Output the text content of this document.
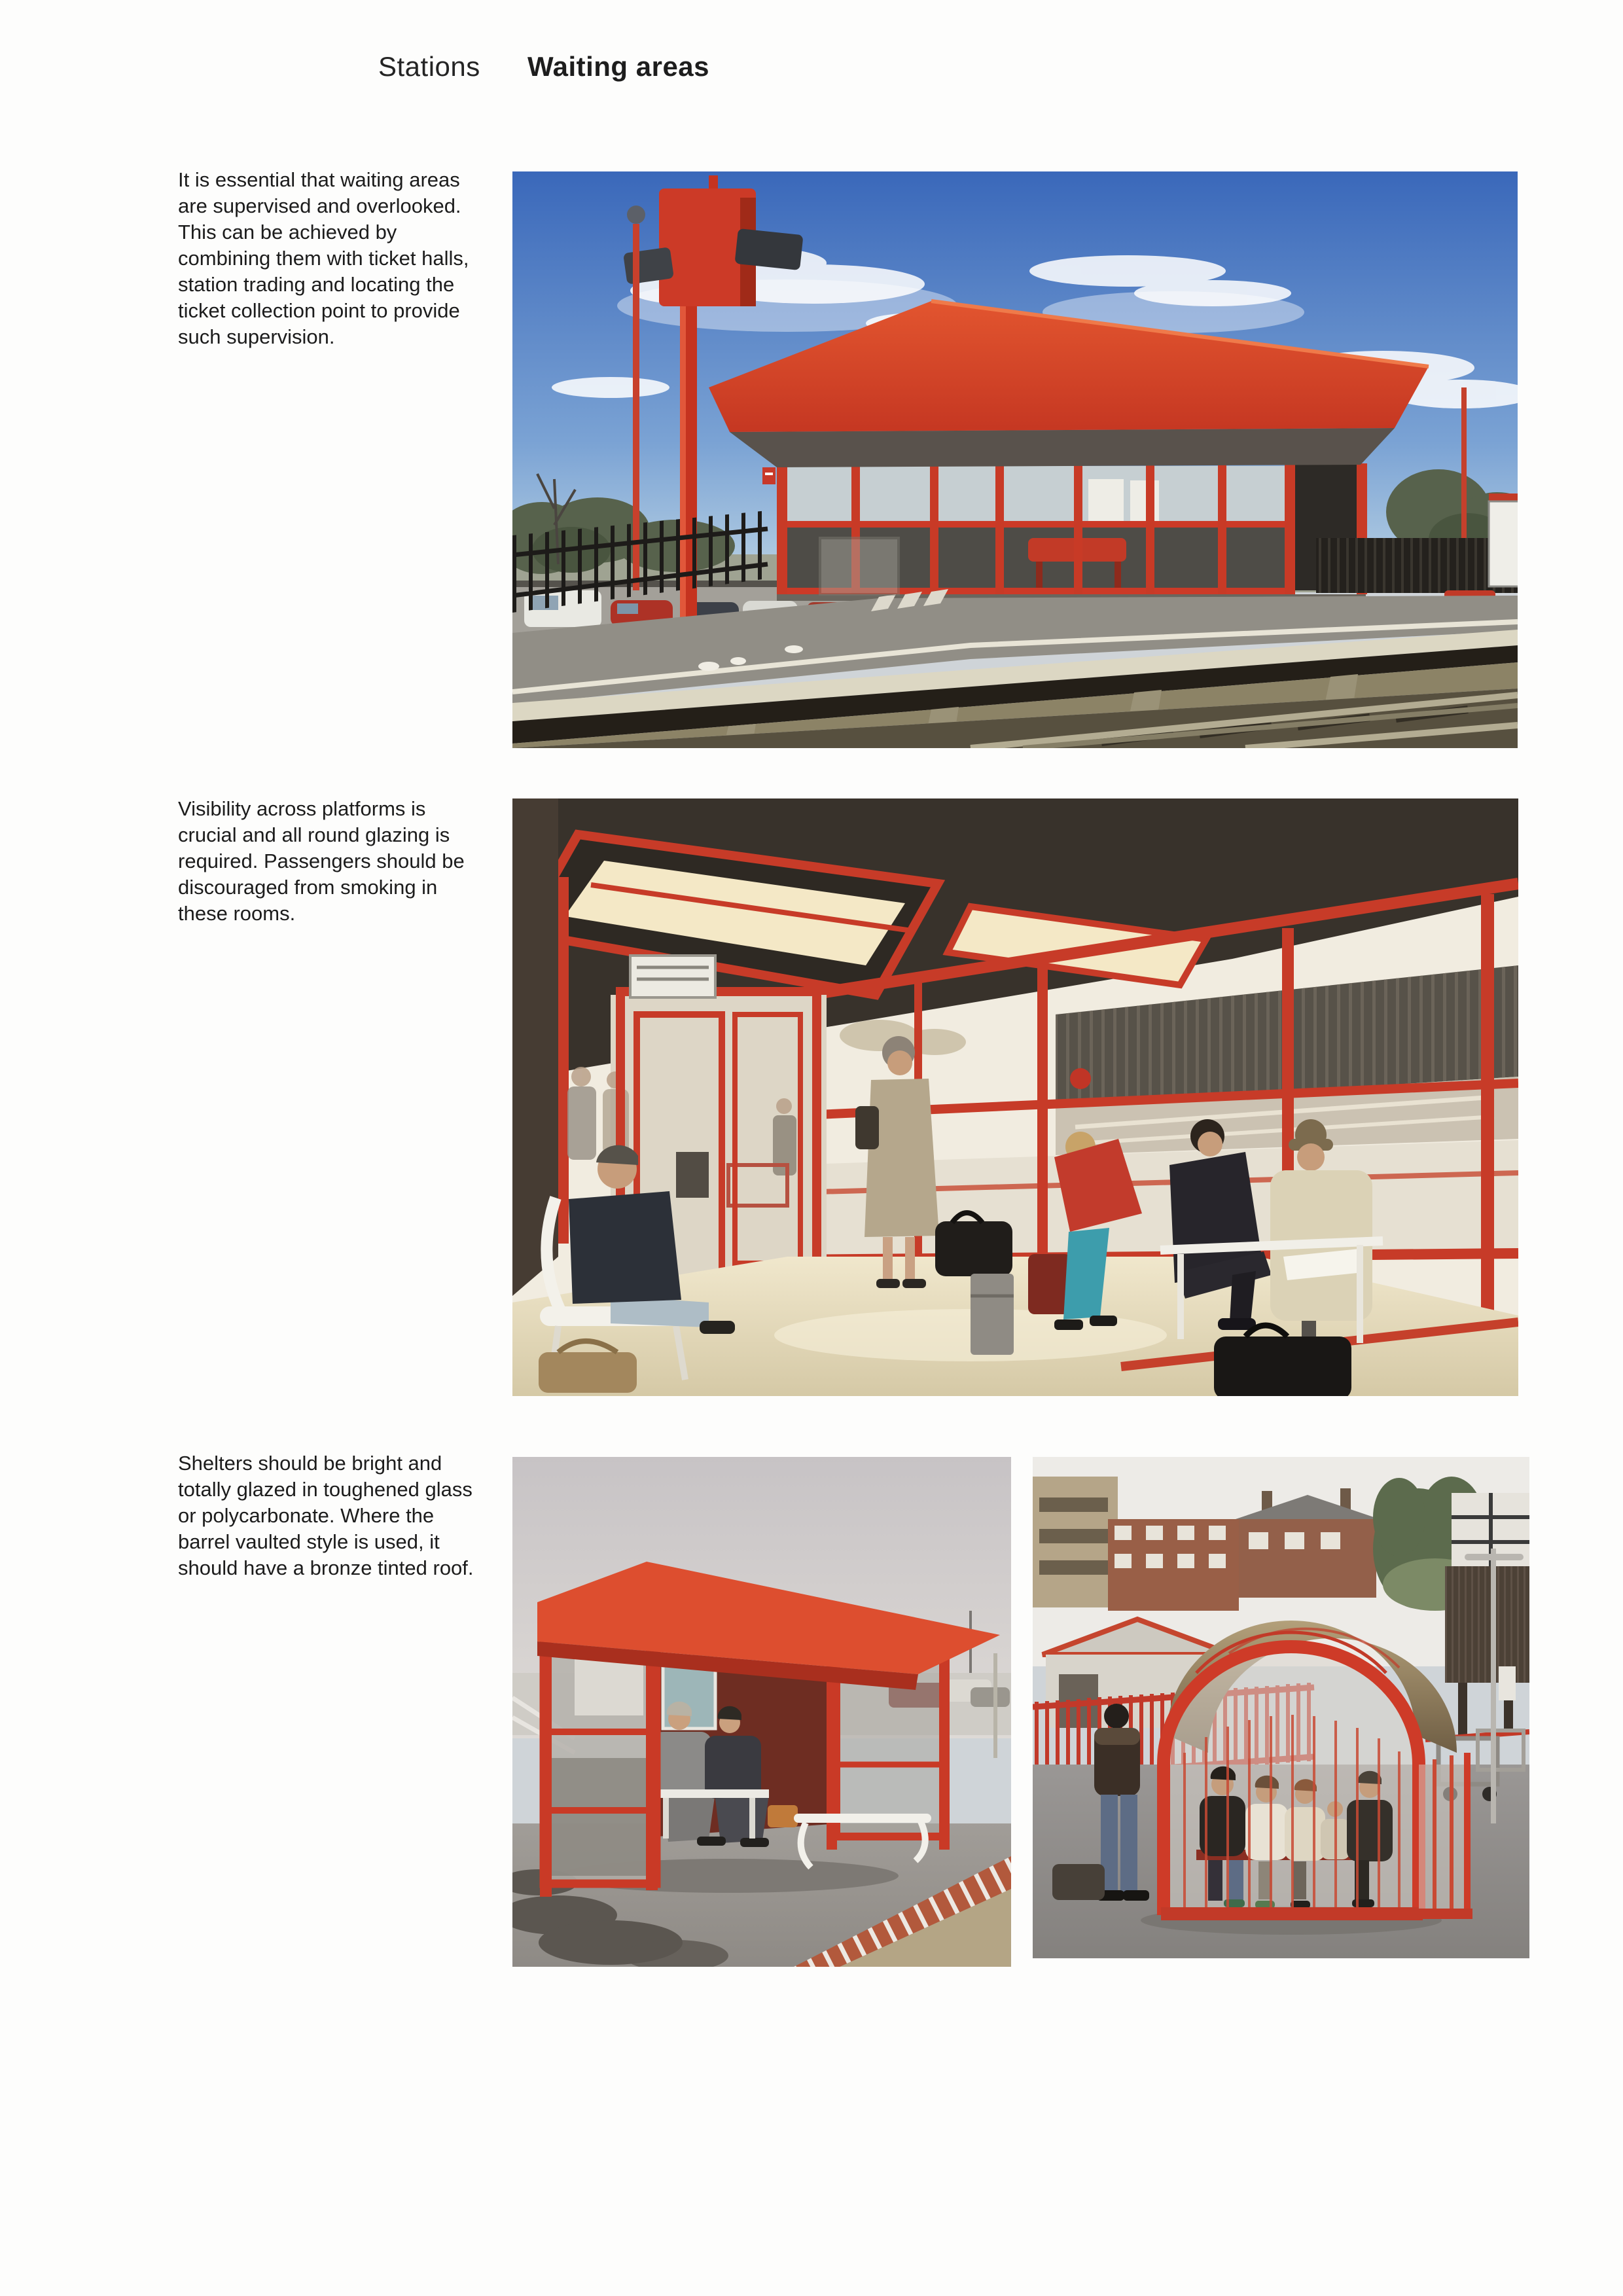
Stations Waiting areas

It is essential that waiting areas are supervised and overlooked. This can be achieved by combining them with ticket halls, station trading and locating the ticket collection point to provide such supervision.

Visibility across platforms is crucial and all round glazing is required. Passengers should be discouraged from smoking in these rooms.

Shelters should be bright and totally glazed in toughened glass or polycarbonate. Where the barrel vaulted style is used, it should have a bronze tinted roof.
